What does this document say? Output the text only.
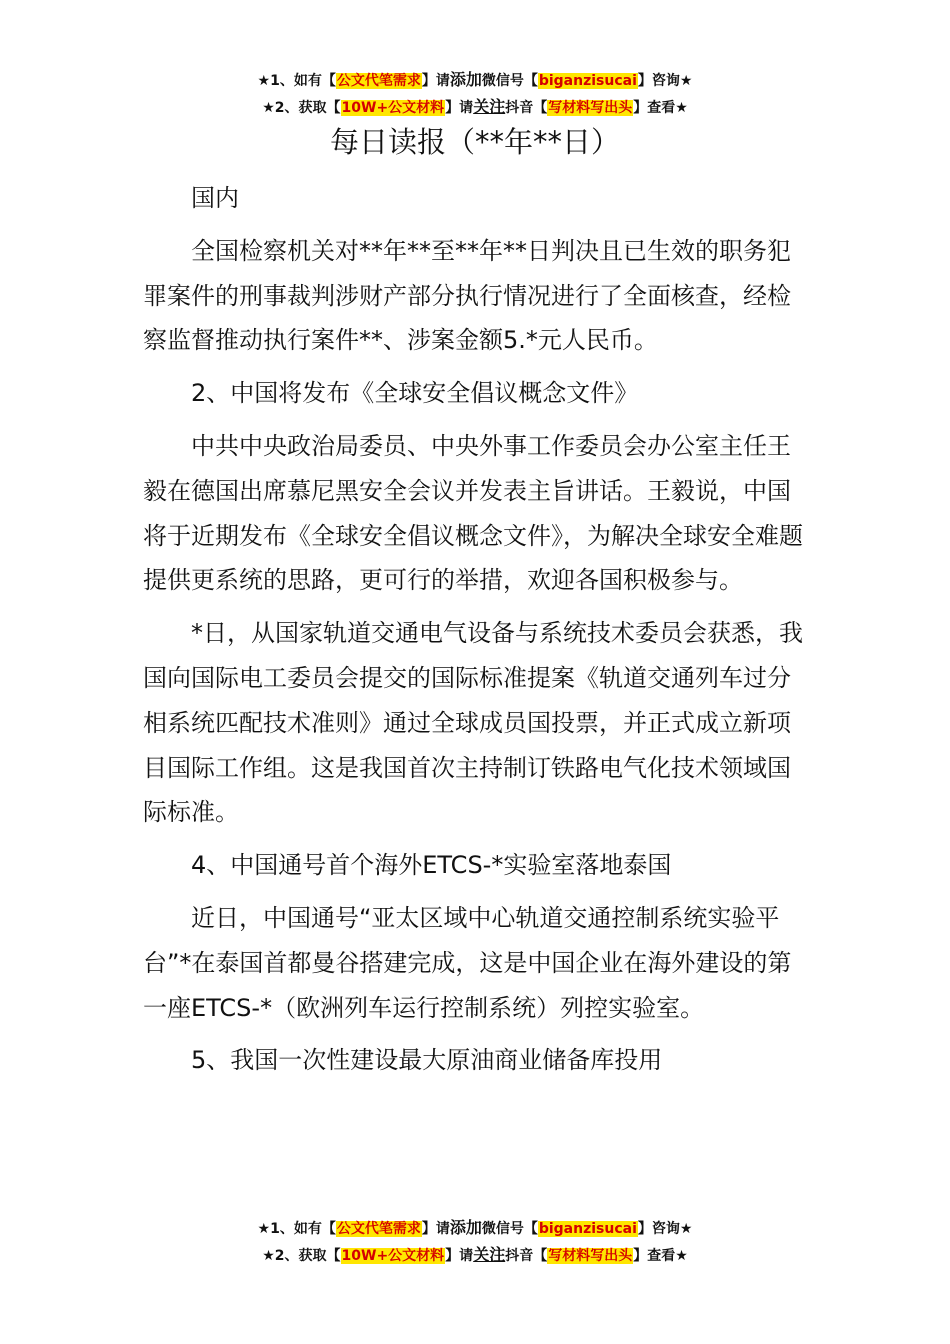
★1、如有【公文代笔需求】请添加微信号【biganzisucai】咨询★
★2、获取【10W+公文材料】请关注抖音【写材料写出头】查看★
每日读报（**年**日）

国内

全国检察机关对**年**至**年**日判决且已生效的职务犯罪案件的刑事裁判涉财产部分执行情况进行了全面核查，经检察监督推动执行案件**、涉案金额5.*元人民币。

2、中国将发布《全球安全倡议概念文件》

中共中央政治局委员、中央外事工作委员会办公室主任王毅在德国出席慕尼黑安全会议并发表主旨讲话。王毅说，中国将于近期发布《全球安全倡议概念文件》，为解决全球安全难题提供更系统的思路，更可行的举措，欢迎各国积极参与。

*日，从国家轨道交通电气设备与系统技术委员会获悉，我国向国际电工委员会提交的国际标准提案《轨道交通列车过分相系统匹配技术准则》通过全球成员国投票，并正式成立新项目国际工作组。这是我国首次主持制订铁路电气化技术领域国际标准。

4、中国通号首个海外ETCS-*实验室落地泰国

近日，中国通号“亚太区域中心轨道交通控制系统实验平台”*在泰国首都曼谷搭建完成，这是中国企业在海外建设的第一座ETCS-*（欧洲列车运行控制系统）列控实验室。

5、我国一次性建设最大原油商业储备库投用

★1、如有【公文代笔需求】请添加微信号【biganzisucai】咨询★
★2、获取【10W+公文材料】请关注抖音【写材料写出头】查看★
